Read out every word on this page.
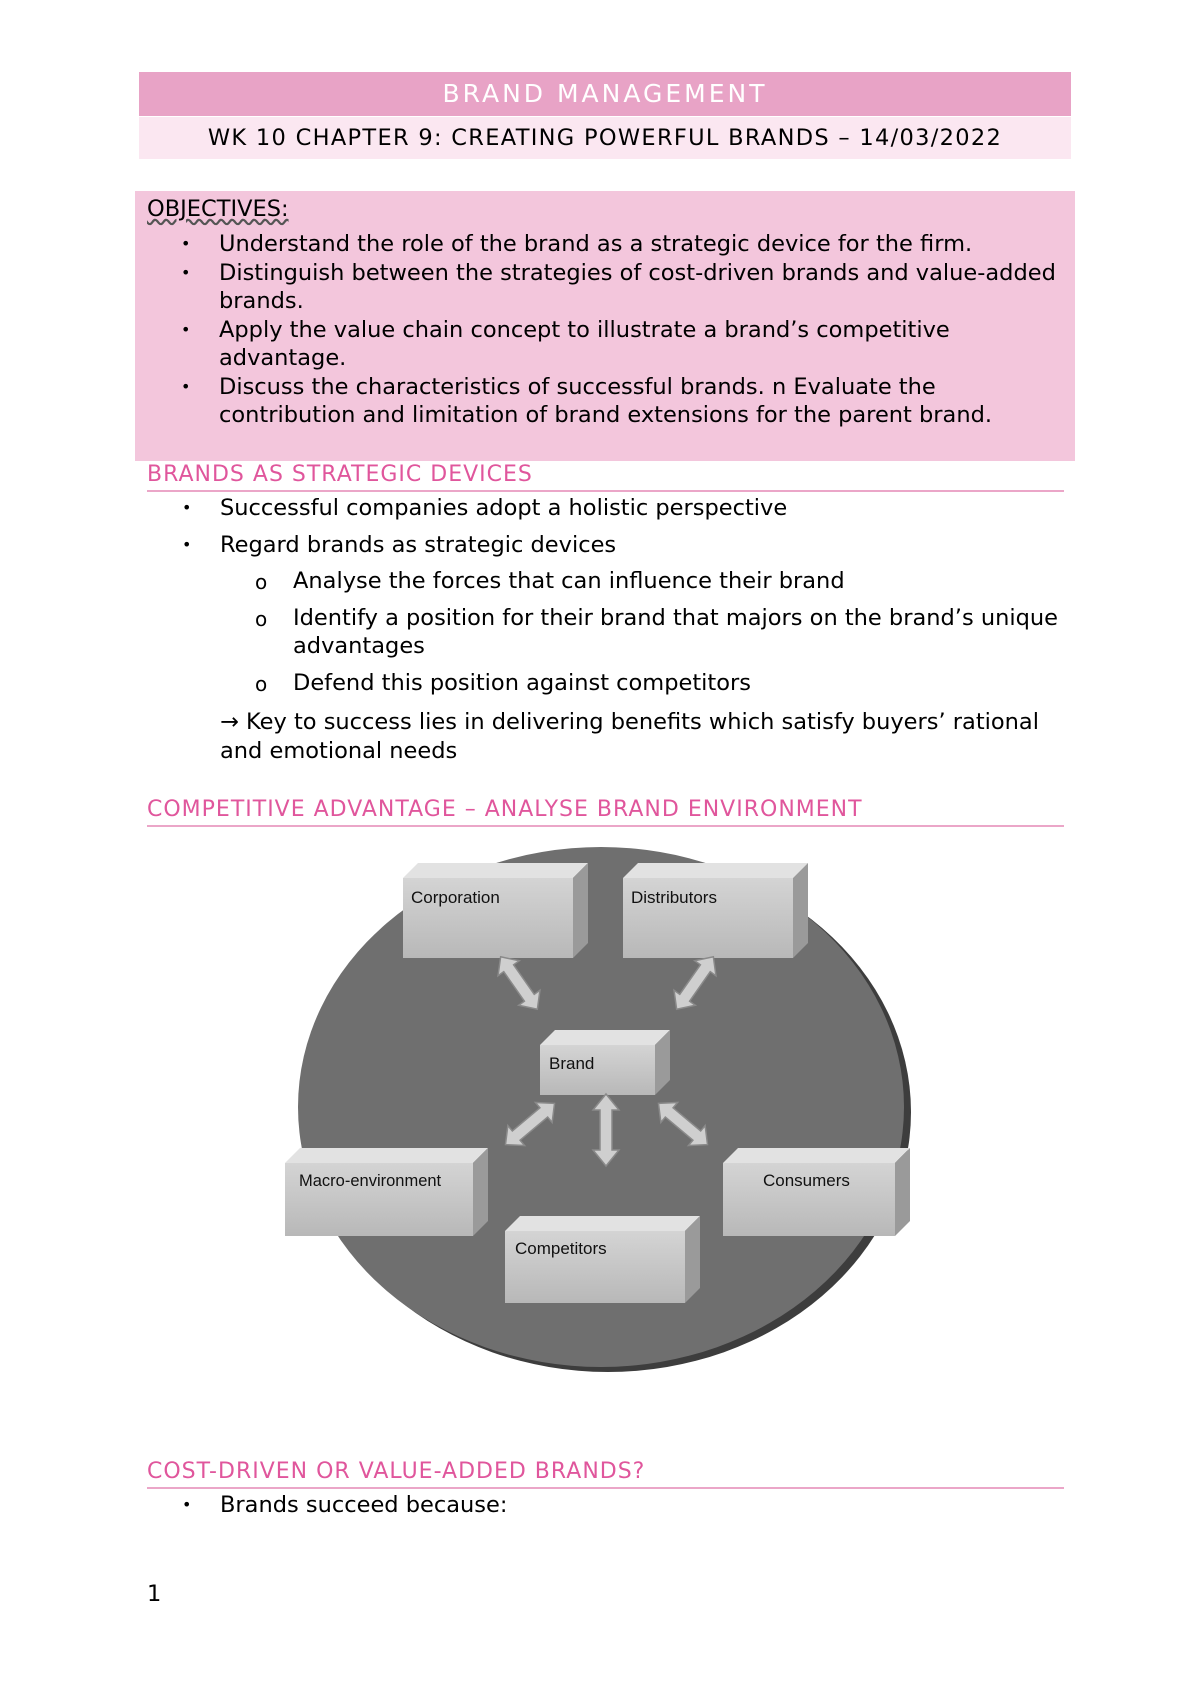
BRAND MANAGEMENT
WK 10 CHAPTER 9: CREATING POWERFUL BRANDS – 14/03/2022
OBJECTIVES:
• Understand the role of the brand as a strategic device for the firm.
• Distinguish between the strategies of cost-driven brands and value-added brands.
• Apply the value chain concept to illustrate a brand’s competitive advantage.
• Discuss the characteristics of successful brands. n Evaluate the contribution and limitation of brand extensions for the parent brand.
BRANDS AS STRATEGIC DEVICES
• Successful companies adopt a holistic perspective
• Regard brands as strategic devices
o Analyse the forces that can influence their brand
o Identify a position for their brand that majors on the brand’s unique advantages
o Defend this position against competitors
→ Key to success lies in delivering benefits which satisfy buyers’ rational and emotional needs
COMPETITIVE ADVANTAGE – ANALYSE BRAND ENVIRONMENT
Corporation	Distributors
Brand
Macro-environment	Consumers
Competitors
COST-DRIVEN OR VALUE-ADDED BRANDS?
• Brands succeed because:
1
